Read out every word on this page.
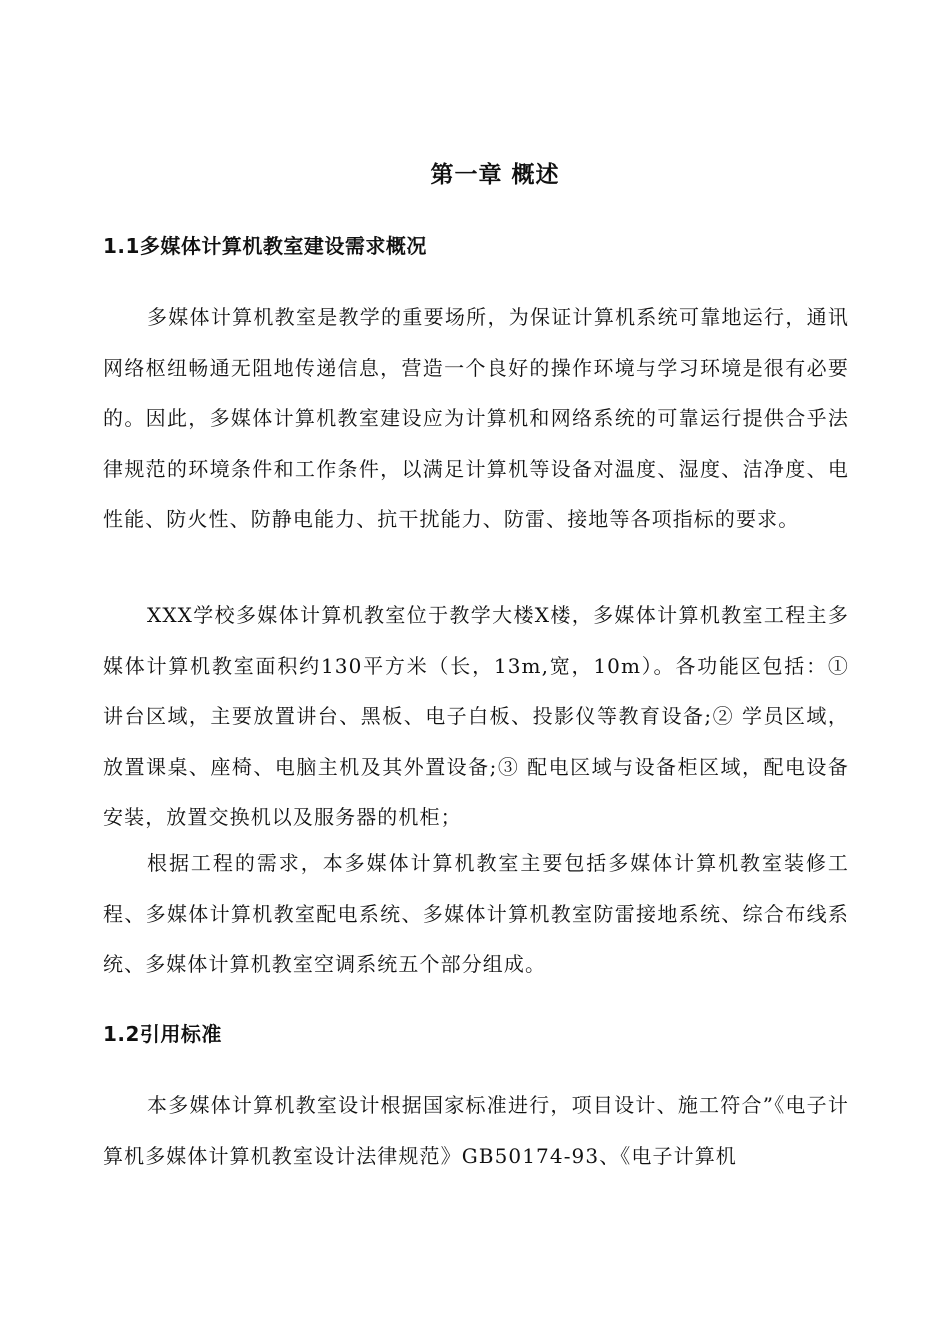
第一章 概述
1.1多媒体计算机教室建设需求概况
多媒体计算机教室是教学的重要场所，为保证计算机系统可靠地运行，通讯网络枢纽畅通无阻地传递信息，营造一个良好的操作环境与学习环境是很有必要的。因此，多媒体计算机教室建设应为计算机和网络系统的可靠运行提供合乎法律规范的环境条件和工作条件，以满足计算机等设备对温度、湿度、洁净度、电性能、防火性、防静电能力、抗干扰能力、防雷、接地等各项指标的要求。
XXX学校多媒体计算机教室位于教学大楼X楼，多媒体计算机教室工程主多媒体计算机教室面积约130平方米（长，13m,宽，10m）。各功能区包括：①讲台区域，主要放置讲台、黑板、电子白板、投影仪等教育设备;② 学员区域，放置课桌、座椅、电脑主机及其外置设备;③ 配电区域与设备柜区域，配电设备安装，放置交换机以及服务器的机柜；
根据工程的需求，本多媒体计算机教室主要包括多媒体计算机教室装修工程、多媒体计算机教室配电系统、多媒体计算机教室防雷接地系统、综合布线系统、多媒体计算机教室空调系统五个部分组成。
1.2引用标准
本多媒体计算机教室设计根据国家标准进行，项目设计、施工符合”《电子计算机多媒体计算机教室设计法律规范》GB50174-93、《电子计算机
